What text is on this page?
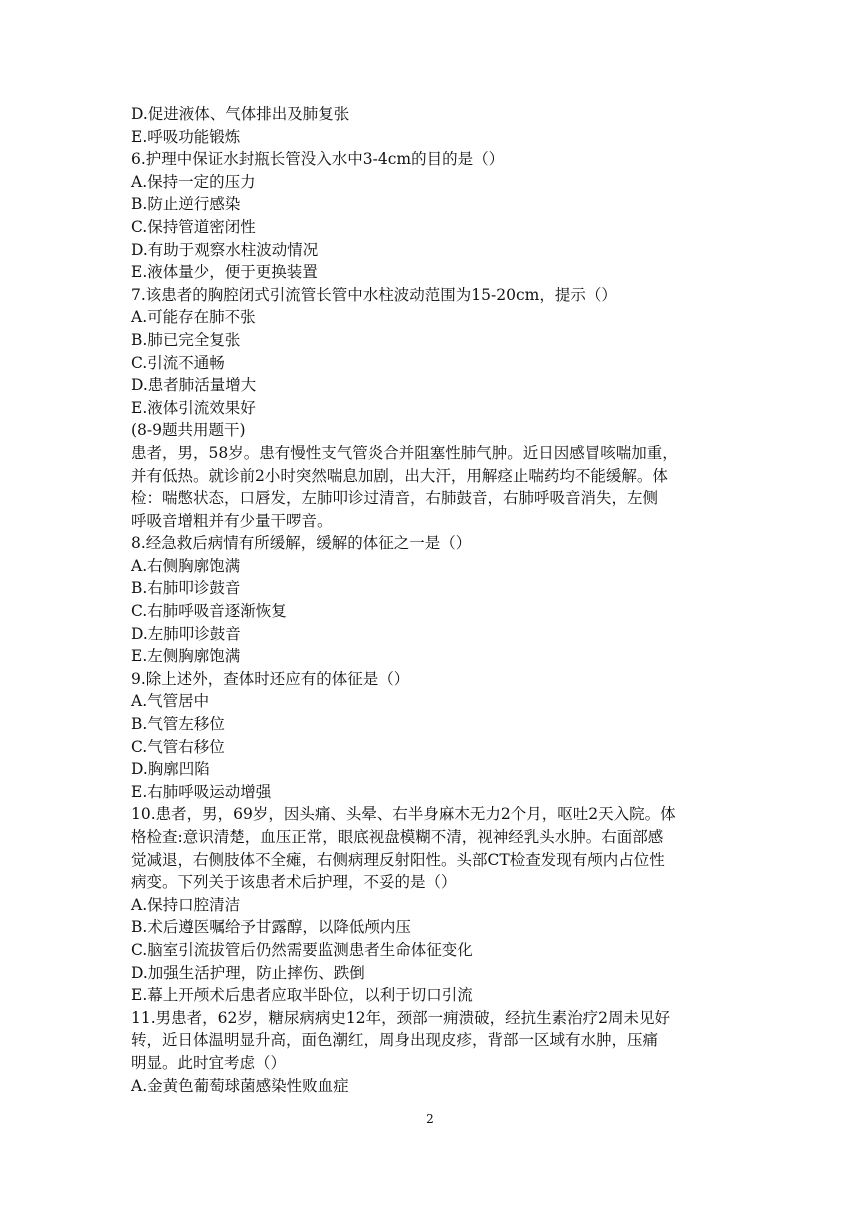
D.促进液体、气体排出及肺复张

E.呼吸功能锻炼

6.护理中保证水封瓶长管没入水中3-4cm的目的是（）

A.保持一定的压力

B.防止逆行感染

C.保持管道密闭性

D.有助于观察水柱波动情况

E.液体量少，便于更换装置

7.该患者的胸腔闭式引流管长管中水柱波动范围为15-20cm，提示（）

A.可能存在肺不张

B.肺已完全复张

C.引流不通畅

D.患者肺活量增大

E.液体引流效果好

(8-9题共用题干)

患者，男，58岁。患有慢性支气管炎合并阻塞性肺气肿。近日因感冒咳喘加重，

并有低热。就诊前2小时突然喘息加剧，出大汗，用解痉止喘药均不能缓解。体

检：喘憋状态，口唇发，左肺叩诊过清音，右肺鼓音，右肺呼吸音消失，左侧

呼吸音增粗并有少量干啰音。

8.经急救后病情有所缓解，缓解的体征之一是（）

A.右侧胸廓饱满

B.右肺叩诊鼓音

C.右肺呼吸音逐渐恢复

D.左肺叩诊鼓音

E.左侧胸廓饱满

9.除上述外，查体时还应有的体征是（）

A.气管居中

B.气管左移位

C.气管右移位

D.胸廓凹陷

E.右肺呼吸运动增强

10.患者，男，69岁，因头痛、头晕、右半身麻木无力2个月，呕吐2天入院。体

格检查:意识清楚，血压正常，眼底视盘模糊不清，视神经乳头水肿。右面部感

觉减退，右侧肢体不全瘫，右侧病理反射阳性。头部CT检查发现有颅内占位性

病变。下列关于该患者术后护理，不妥的是（）

A.保持口腔清洁

B.术后遵医嘱给予甘露醇，以降低颅内压

C.脑室引流拔管后仍然需要监测患者生命体征变化

D.加强生活护理，防止摔伤、跌倒

E.幕上开颅术后患者应取半卧位，以利于切口引流

11.男患者，62岁，糖尿病病史12年，颈部一痈溃破，经抗生素治疗2周未见好

转，近日体温明显升高，面色潮红，周身出现皮疹，背部一区域有水肿，压痛

明显。此时宜考虑（）

A.金黄色葡萄球菌感染性败血症

2
